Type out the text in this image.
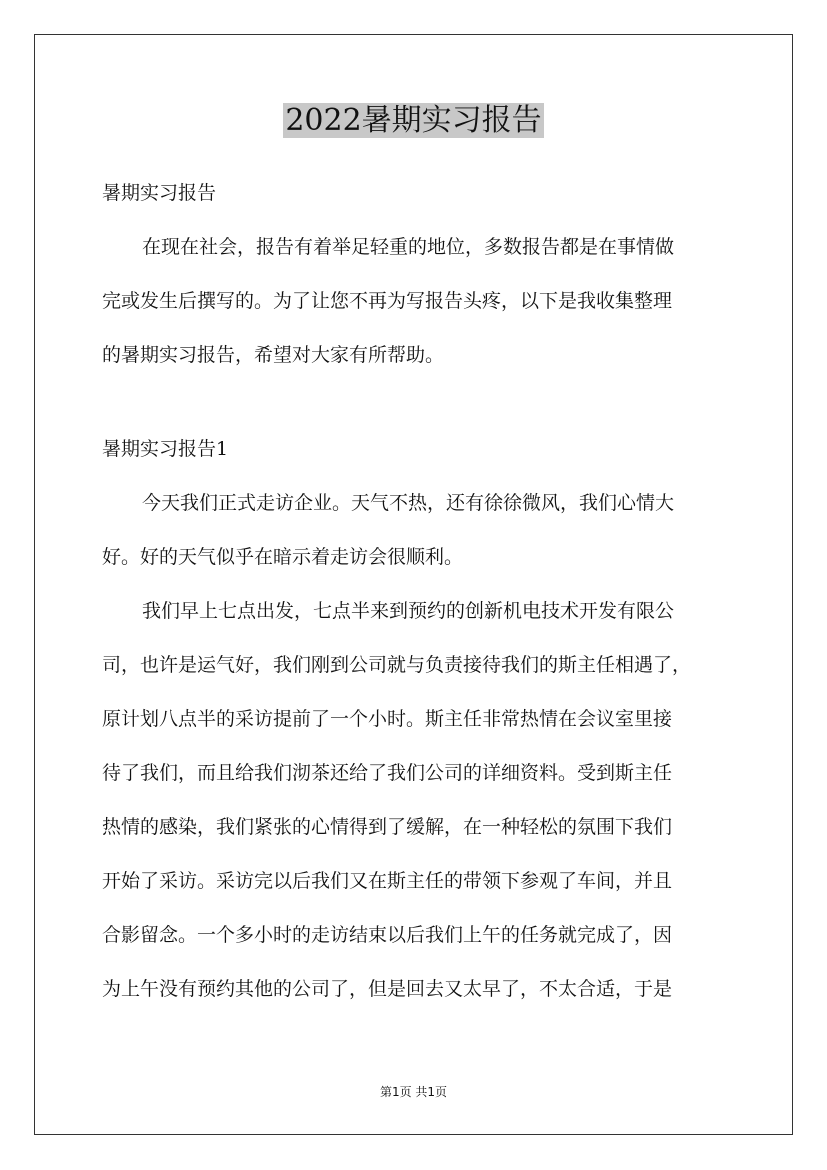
2022暑期实习报告
暑期实习报告
在现在社会，报告有着举足轻重的地位，多数报告都是在事情做
完或发生后撰写的。为了让您不再为写报告头疼，以下是我收集整理
的暑期实习报告，希望对大家有所帮助。
暑期实习报告1
今天我们正式走访企业。天气不热，还有徐徐微风，我们心情大
好。好的天气似乎在暗示着走访会很顺利。
我们早上七点出发，七点半来到预约的创新机电技术开发有限公
司，也许是运气好，我们刚到公司就与负责接待我们的斯主任相遇了，
原计划八点半的采访提前了一个小时。斯主任非常热情在会议室里接
待了我们，而且给我们沏茶还给了我们公司的详细资料。受到斯主任
热情的感染，我们紧张的心情得到了缓解，在一种轻松的氛围下我们
开始了采访。采访完以后我们又在斯主任的带领下参观了车间，并且
合影留念。一个多小时的走访结束以后我们上午的任务就完成了，因
为上午没有预约其他的公司了，但是回去又太早了，不太合适，于是
第1页 共1页
